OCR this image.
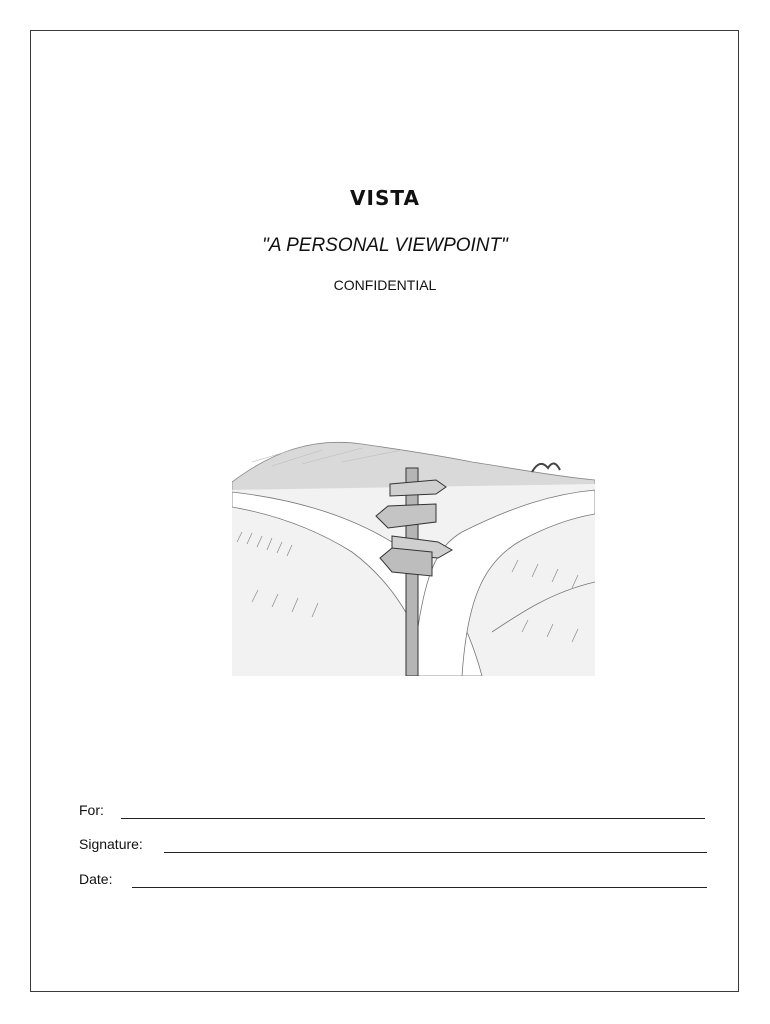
VISTA
"A PERSONAL VIEWPOINT"
CONFIDENTIAL
For:
Signature:
Date:
